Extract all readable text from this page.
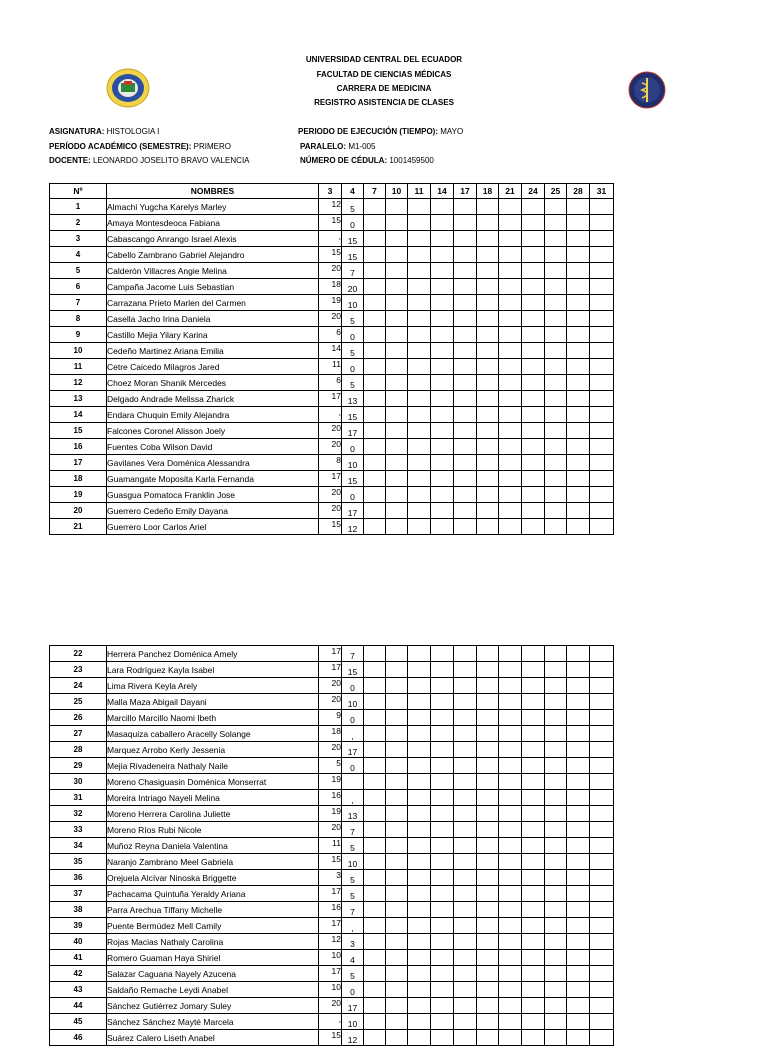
UNIVERSIDAD CENTRAL DEL ECUADOR
FACULTAD DE CIENCIAS MÉDICAS
CARRERA DE MEDICINA
REGISTRO ASISTENCIA DE CLASES
ASIGNATURA: HISTOLOGIA I
PERÍODO ACADÉMICO (SEMESTRE): PRIMERO
DOCENTE: LEONARDO JOSELITO BRAVO VALENCIA
PERIODO DE EJECUCIÓN (TIEMPO): MAYO
PARALELO: M1-005
NÚMERO DE CÉDULA: 1001459500
Nº	NOMBRES	3	4	7	10	11	14	17	18	21	24	25	28	31
1	Almachi Yugcha Karelys Marley	12	5											
2	Amaya Montesdeoca Fabiana	15	0											
3	Cabascango Anrango Israel Alexis	,	15											
4	Cabello Zambrano Gabriel Alejandro	15	15											
5	Calderón Villacres Angie Melina	20	7											
6	Campaña Jacome Luis Sebastian	18	20											
7	Carrazana Prieto Marlen del Carmen	19	10											
8	Casella Jacho Irina Daniela	20	5											
9	Castillo Mejia Yilary Karina	6	0											
10	Cedeño Martinez Ariana Emilia	14	5											
11	Cetre Caicedo Milagros Jared	11	0											
12	Choez Moran Shanik Mercedes	6	5											
13	Delgado Andrade Melissa Zharick	17	13											
14	Endara Chuquin Emily Alejandra	,	15											
15	Falcones Coronel Alisson Joely	20	17											
16	Fuentes Coba Wilson David	20	0											
17	Gavilanes Vera Doménica Alessandra	8	10											
18	Guamangate Moposita Karla Fernanda	17	15											
19	Guasgua Pomatoca Franklin Jose	20	0											
20	Guerrero Cedeño Emily Dayana	20	17											
21	Guerrero Loor Carlos Ariel	15	12											
22	Herrera Panchez Doménica Amely	17	7											
23	Lara Rodríguez Kayla Isabel	17	15											
24	Lima Rivera Keyla Arely	20	0											
25	Malla Maza Abigail Dayani	20	10											
26	Marcillo Marcillo Naomi Ibeth	9	0											
27	Masaquiza caballero Aracelly Solange	18	,											
28	Marquez Arrobo Kerly Jessenia	20	17											
29	Mejia Rivadeneira Nathaly Naile	5	0											
30	Moreno Chasiguasin Doménica Monserrat	19												
31	Moreira Intriago Nayeli Melina	16	,											
32	Moreno Herrera Carolina Juliette	19	13											
33	Moreno Ríos Rubi Nicole	20	7											
34	Muñoz Reyna Daniela Valentina	11	5											
35	Naranjo Zambrano Meel Gabriela	15	10											
36	Orejuela Alcívar Ninoska Briggette	3	5											
37	Pachacama Quintuña Yeraldy Ariana	17	5											
38	Parra Arechua Tiffany Michelle	16	7											
39	Puente Bermúdez Mell Camily	17	,											
40	Rojas Macias Nathaly Carolina	12	3											
41	Romero Guaman Haya Shiriel	10	4											
42	Salazar Caguana Nayely Azucena	17	5											
43	Saldaño Remache Leydi Anabel	10	0											
44	Sánchez Gutiérrez Jomary Suley	20	17											
45	Sánchez Sánchez Mayté Marcela	,	10											
46	Suárez Calero Liseth Anabel	15	12											
